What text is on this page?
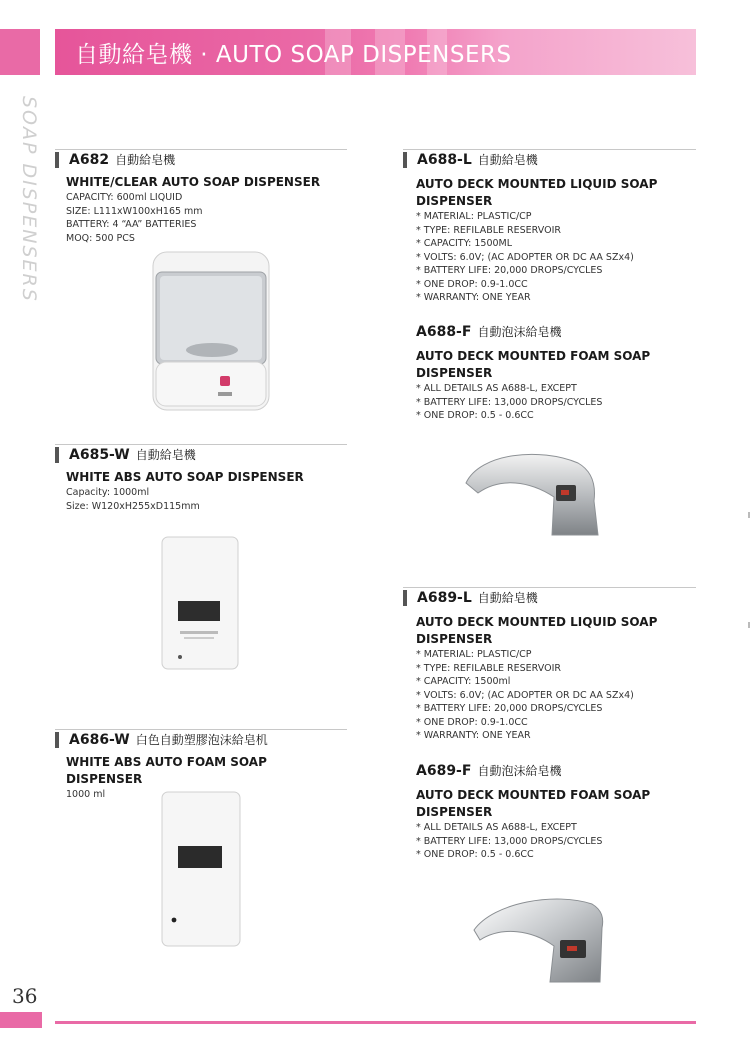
自動給皂機 · AUTO SOAP DISPENSERS
SOAP DISPENSERS A682 自動給皂機
WHITE/CLEAR AUTO SOAP DISPENSER
CAPACITY: 600ml LIQUID
SIZE: L111xW100xH165 mm
BATTERY: 4 “AA” BATTERIES
MOQ: 500 PCS
A685-W 自動給皂機
WHITE ABS AUTO SOAP DISPENSER
Capacity: 1000ml
Size: W120xH255xD115mm
A686-W 白色自動塑膠泡沫給皂机
WHITE ABS AUTO FOAM SOAP DISPENSER
1000 ml
A688-L 自動給皂機
AUTO DECK MOUNTED LIQUID SOAP
DISPENSER
* MATERIAL: PLASTIC/CP
* TYPE: REFILABLE RESERVOIR
* CAPACITY: 1500ML
* VOLTS: 6.0V; (AC ADOPTER OR DC AA SZx4)
* BATTERY LIFE: 20,000 DROPS/CYCLES
* ONE DROP: 0.9-1.0CC
* WARRANTY: ONE YEAR
A688-F 自動泡沫給皂機
AUTO DECK MOUNTED FOAM SOAP
DISPENSER
* ALL DETAILS AS A688-L, EXCEPT
* BATTERY LIFE: 13,000 DROPS/CYCLES
* ONE DROP: 0.5 - 0.6CC
A689-L 自動給皂機
AUTO DECK MOUNTED LIQUID SOAP
DISPENSER
* MATERIAL: PLASTIC/CP
* TYPE: REFILABLE RESERVOIR
* CAPACITY: 1500ml
* VOLTS: 6.0V; (AC ADOPTER OR DC AA SZx4)
* BATTERY LIFE: 20,000 DROPS/CYCLES
* ONE DROP: 0.9-1.0CC
* WARRANTY: ONE YEAR
A689-F 自動泡沫給皂機
AUTO DECK MOUNTED FOAM SOAP
DISPENSER
* ALL DETAILS AS A688-L, EXCEPT
* BATTERY LIFE: 13,000 DROPS/CYCLES
* ONE DROP: 0.5 - 0.6CC
36
